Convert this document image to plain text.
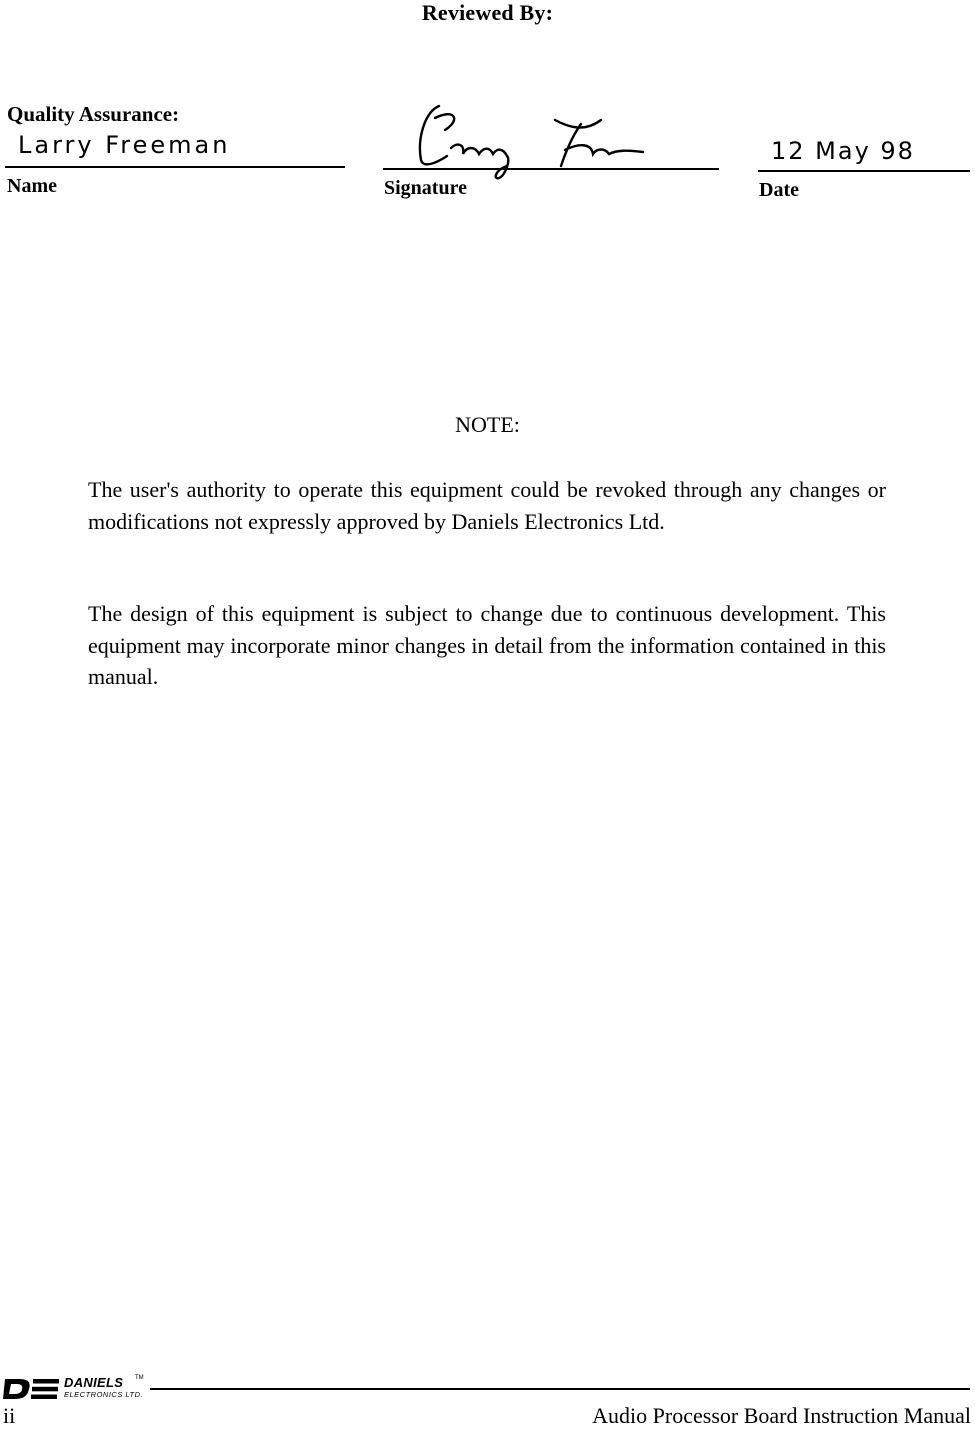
Reviewed By:
Quality Assurance:
Larry Freeman
Name	Signature
12 May 98
Date
NOTE:
The user's authority to operate this equipment could be revoked through any changes or modifications not expressly approved by Daniels Electronics Ltd.
The design of this equipment is subject to change due to continuous development. This equipment may incorporate minor changes in detail from the information contained in this manual.
DANIELS TM
ELECTRONICS LTD.
ii	Audio Processor Board Instruction Manual
